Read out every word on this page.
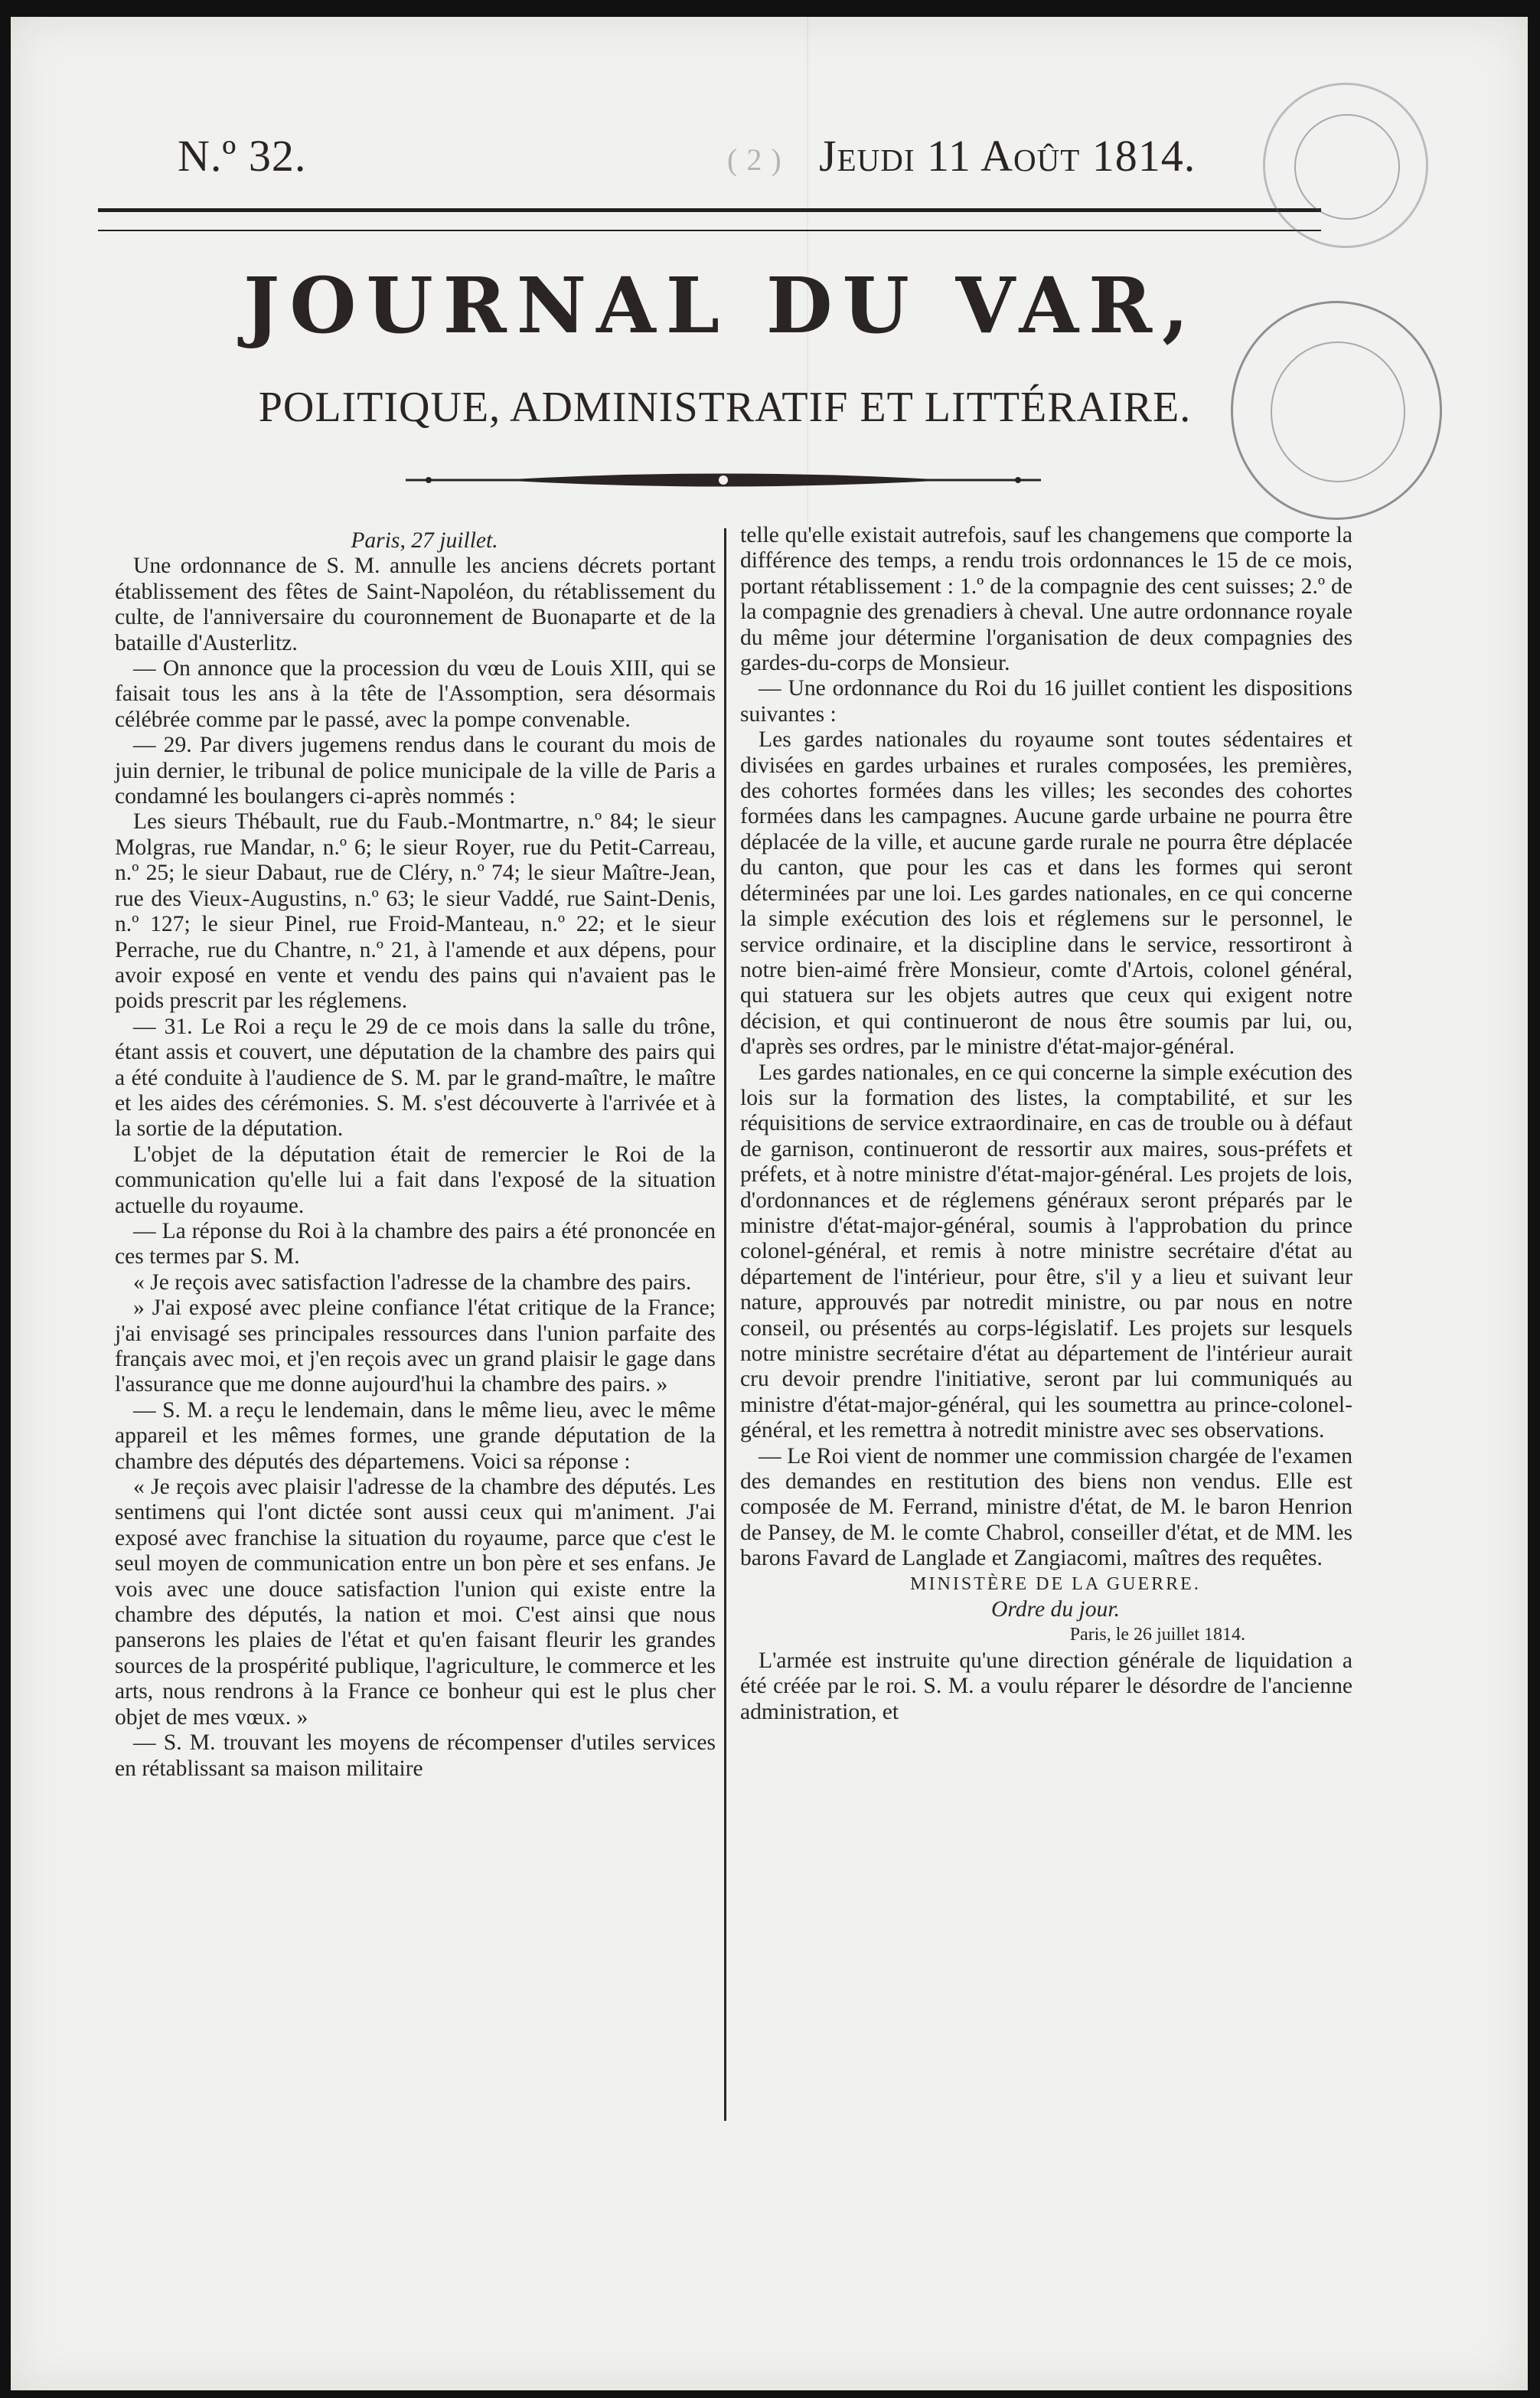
N.º 32.	( 2 ) Jeudi 11 Août 1814.
JOURNAL DU VAR,
POLITIQUE, ADMINISTRATIF ET LITTÉRAIRE.

Paris, 27 juillet.

Une ordonnance de S. M. annulle les anciens décrets portant établissement des fêtes de Saint-Napoléon, du rétablissement du culte, de l'anniversaire du couronnement de Buonaparte et de la bataille d'Austerlitz.

— On annonce que la procession du vœu de Louis XIII, qui se faisait tous les ans à la tête de l'Assomption, sera désormais célébrée comme par le passé, avec la pompe convenable.

— 29. Par divers jugemens rendus dans le courant du mois de juin dernier, le tribunal de police municipale de la ville de Paris a condamné les boulangers ci-après nommés :

Les sieurs Thébault, rue du Faub.-Montmartre, n.º 84; le sieur Molgras, rue Mandar, n.º 6; le sieur Royer, rue du Petit-Carreau, n.º 25; le sieur Dabaut, rue de Cléry, n.º 74; le sieur Maître-Jean, rue des Vieux-Augustins, n.º 63; le sieur Vaddé, rue Saint-Denis, n.º 127; le sieur Pinel, rue Froid-Manteau, n.º 22; et le sieur Perrache, rue du Chantre, n.º 21, à l'amende et aux dépens, pour avoir exposé en vente et vendu des pains qui n'avaient pas le poids prescrit par les réglemens.

— 31. Le Roi a reçu le 29 de ce mois dans la salle du trône, étant assis et couvert, une députation de la chambre des pairs qui a été conduite à l'audience de S. M. par le grand-maître, le maître et les aides des cérémonies. S. M. s'est découverte à l'arrivée et à la sortie de la députation.

L'objet de la députation était de remercier le Roi de la communication qu'elle lui a fait dans l'exposé de la situation actuelle du royaume.

— La réponse du Roi à la chambre des pairs a été prononcée en ces termes par S. M.

« Je reçois avec satisfaction l'adresse de la chambre des pairs.

» J'ai exposé avec pleine confiance l'état critique de la France; j'ai envisagé ses principales ressources dans l'union parfaite des français avec moi, et j'en reçois avec un grand plaisir le gage dans l'assurance que me donne aujourd'hui la chambre des pairs. »

— S. M. a reçu le lendemain, dans le même lieu, avec le même appareil et les mêmes formes, une grande députation de la chambre des députés des départemens. Voici sa réponse :

« Je reçois avec plaisir l'adresse de la chambre des députés. Les sentimens qui l'ont dictée sont aussi ceux qui m'animent. J'ai exposé avec franchise la situation du royaume, parce que c'est le seul moyen de communication entre un bon père et ses enfans. Je vois avec une douce satisfaction l'union qui existe entre la chambre des députés, la nation et moi. C'est ainsi que nous panserons les plaies de l'état et qu'en faisant fleurir les grandes sources de la prospérité publique, l'agriculture, le commerce et les arts, nous rendrons à la France ce bonheur qui est le plus cher objet de mes vœux. »

— S. M. trouvant les moyens de récompenser d'utiles services en rétablissant sa maison militaire

telle qu'elle existait autrefois, sauf les changemens que comporte la différence des temps, a rendu trois ordonnances le 15 de ce mois, portant rétablissement : 1.º de la compagnie des cent suisses; 2.º de la compagnie des grenadiers à cheval. Une autre ordonnance royale du même jour détermine l'organisation de deux compagnies des gardes-du-corps de Monsieur.

— Une ordonnance du Roi du 16 juillet contient les dispositions suivantes :

Les gardes nationales du royaume sont toutes sédentaires et divisées en gardes urbaines et rurales composées, les premières, des cohortes formées dans les villes; les secondes des cohortes formées dans les campagnes. Aucune garde urbaine ne pourra être déplacée de la ville, et aucune garde rurale ne pourra être déplacée du canton, que pour les cas et dans les formes qui seront déterminées par une loi. Les gardes nationales, en ce qui concerne la simple exécution des lois et réglemens sur le personnel, le service ordinaire, et la discipline dans le service, ressortiront à notre bien-aimé frère Monsieur, comte d'Artois, colonel général, qui statuera sur les objets autres que ceux qui exigent notre décision, et qui continueront de nous être soumis par lui, ou, d'après ses ordres, par le ministre d'état-major-général.

Les gardes nationales, en ce qui concerne la simple exécution des lois sur la formation des listes, la comptabilité, et sur les réquisitions de service extraordinaire, en cas de trouble ou à défaut de garnison, continueront de ressortir aux maires, sous-préfets et préfets, et à notre ministre d'état-major-général. Les projets de lois, d'ordonnances et de réglemens généraux seront préparés par le ministre d'état-major-général, soumis à l'approbation du prince colonel-général, et remis à notre ministre secrétaire d'état au département de l'intérieur, pour être, s'il y a lieu et suivant leur nature, approuvés par notredit ministre, ou par nous en notre conseil, ou présentés au corps-législatif. Les projets sur lesquels notre ministre secrétaire d'état au département de l'intérieur aurait cru devoir prendre l'initiative, seront par lui communiqués au ministre d'état-major-général, qui les soumettra au prince-colonel-général, et les remettra à notredit ministre avec ses observations.

— Le Roi vient de nommer une commission chargée de l'examen des demandes en restitution des biens non vendus. Elle est composée de M. Ferrand, ministre d'état, de M. le baron Henrion de Pansey, de M. le comte Chabrol, conseiller d'état, et de MM. les barons Favard de Langlade et Zangiacomi, maîtres des requêtes.

MINISTÈRE DE LA GUERRE.

Ordre du jour.

Paris, le 26 juillet 1814.

L'armée est instruite qu'une direction générale de liquidation a été créée par le roi. S. M. a voulu réparer le désordre de l'ancienne administration, et
